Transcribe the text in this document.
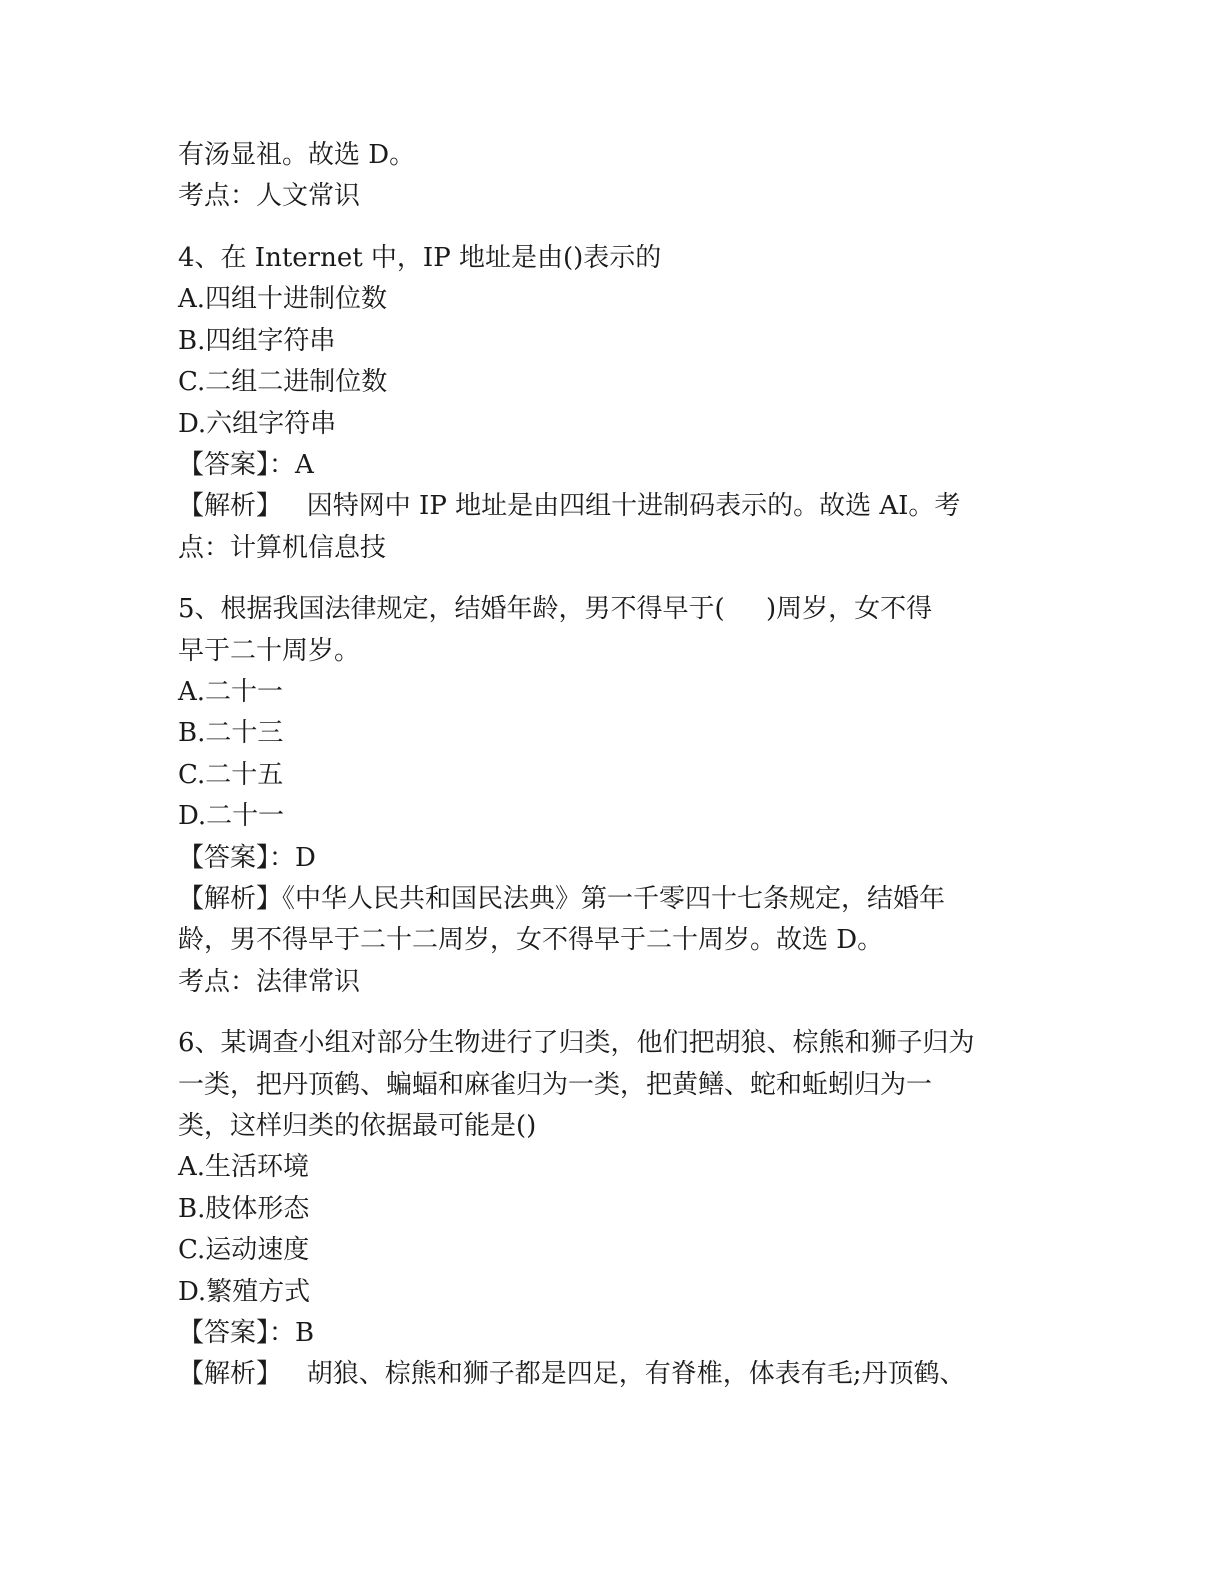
有汤显祖。故选 D。
考点：人文常识
4、在 Internet 中，IP 地址是由()表示的
A.四组十进制位数
B.四组字符串
C.二组二进制位数
D.六组字符串
【答案】：A
【解析】   因特网中 IP 地址是由四组十进制码表示的。故选 AI。考
点：计算机信息技
5、根据我国法律规定，结婚年龄，男不得早于(     )周岁，女不得
早于二十周岁。
A.二十一
B.二十三
C.二十五
D.二十一
【答案】：D
【解析】《中华人民共和国民法典》第一千零四十七条规定，结婚年
龄，男不得早于二十二周岁，女不得早于二十周岁。故选 D。
考点：法律常识
6、某调查小组对部分生物进行了归类，他们把胡狼、棕熊和狮子归为
一类，把丹顶鹤、蝙蝠和麻雀归为一类，把黄鳝、蛇和蚯蚓归为一
类，这样归类的依据最可能是()
A.生活环境
B.肢体形态
C.运动速度
D.繁殖方式
【答案】：B
【解析】   胡狼、棕熊和狮子都是四足，有脊椎，体表有毛;丹顶鹤、
